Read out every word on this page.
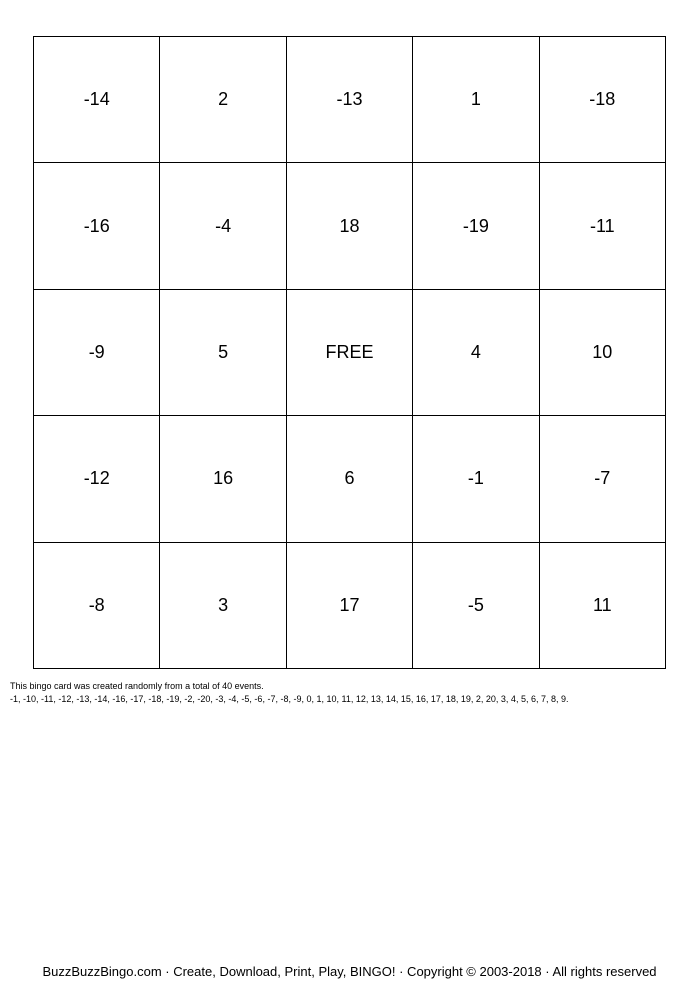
-14	2	-13	1	-18
-16	-4	18	-19	-11
-9	5	FREE	4	10
-12	16	6	-1	-7
-8	3	17	-5	11
This bingo card was created randomly from a total of 40 events.
-1, -10, -11, -12, -13, -14, -16, -17, -18, -19, -2, -20, -3, -4, -5, -6, -7, -8, -9, 0, 1, 10, 11, 12, 13, 14, 15, 16, 17, 18, 19, 2, 20, 3, 4, 5, 6, 7, 8, 9.
BuzzBuzzBingo.com · Create, Download, Print, Play, BINGO! · Copyright © 2003-2018 · All rights reserved
